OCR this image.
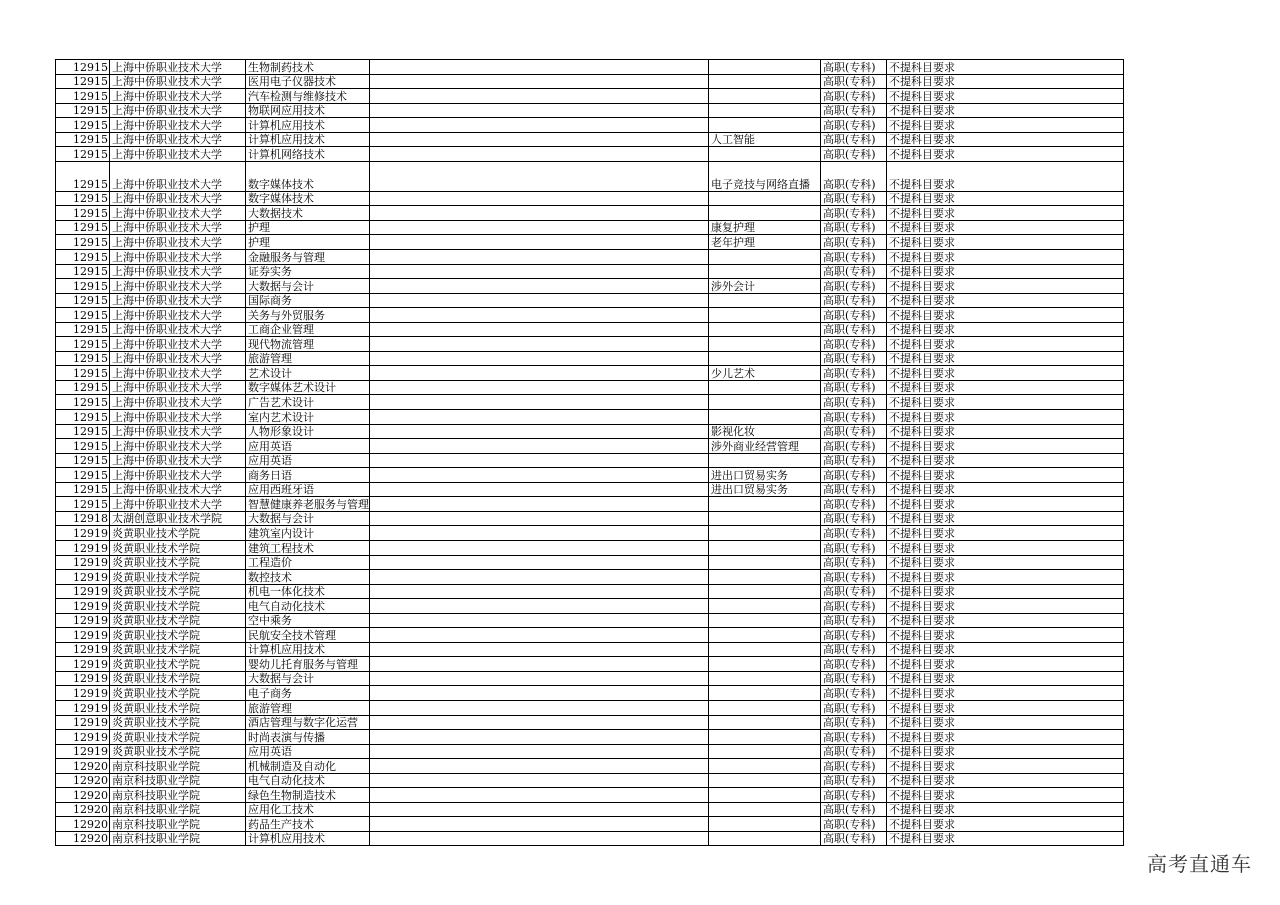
12915	上海中侨职业技术大学	生物制药技术			高职(专科)	不提科目要求
12915	上海中侨职业技术大学	医用电子仪器技术			高职(专科)	不提科目要求
12915	上海中侨职业技术大学	汽车检测与维修技术			高职(专科)	不提科目要求
12915	上海中侨职业技术大学	物联网应用技术			高职(专科)	不提科目要求
12915	上海中侨职业技术大学	计算机应用技术			高职(专科)	不提科目要求
12915	上海中侨职业技术大学	计算机应用技术		人工智能	高职(专科)	不提科目要求
12915	上海中侨职业技术大学	计算机网络技术			高职(专科)	不提科目要求
12915	上海中侨职业技术大学	数字媒体技术		电子竞技与网络直播	高职(专科)	不提科目要求
12915	上海中侨职业技术大学	数字媒体技术			高职(专科)	不提科目要求
12915	上海中侨职业技术大学	大数据技术			高职(专科)	不提科目要求
12915	上海中侨职业技术大学	护理		康复护理	高职(专科)	不提科目要求
12915	上海中侨职业技术大学	护理		老年护理	高职(专科)	不提科目要求
12915	上海中侨职业技术大学	金融服务与管理			高职(专科)	不提科目要求
12915	上海中侨职业技术大学	证券实务			高职(专科)	不提科目要求
12915	上海中侨职业技术大学	大数据与会计		涉外会计	高职(专科)	不提科目要求
12915	上海中侨职业技术大学	国际商务			高职(专科)	不提科目要求
12915	上海中侨职业技术大学	关务与外贸服务			高职(专科)	不提科目要求
12915	上海中侨职业技术大学	工商企业管理			高职(专科)	不提科目要求
12915	上海中侨职业技术大学	现代物流管理			高职(专科)	不提科目要求
12915	上海中侨职业技术大学	旅游管理			高职(专科)	不提科目要求
12915	上海中侨职业技术大学	艺术设计		少儿艺术	高职(专科)	不提科目要求
12915	上海中侨职业技术大学	数字媒体艺术设计			高职(专科)	不提科目要求
12915	上海中侨职业技术大学	广告艺术设计			高职(专科)	不提科目要求
12915	上海中侨职业技术大学	室内艺术设计			高职(专科)	不提科目要求
12915	上海中侨职业技术大学	人物形象设计		影视化妆	高职(专科)	不提科目要求
12915	上海中侨职业技术大学	应用英语		涉外商业经营管理	高职(专科)	不提科目要求
12915	上海中侨职业技术大学	应用英语			高职(专科)	不提科目要求
12915	上海中侨职业技术大学	商务日语		进出口贸易实务	高职(专科)	不提科目要求
12915	上海中侨职业技术大学	应用西班牙语		进出口贸易实务	高职(专科)	不提科目要求
12915	上海中侨职业技术大学	智慧健康养老服务与管理			高职(专科)	不提科目要求
12918	太湖创意职业技术学院	大数据与会计			高职(专科)	不提科目要求
12919	炎黄职业技术学院	建筑室内设计			高职(专科)	不提科目要求
12919	炎黄职业技术学院	建筑工程技术			高职(专科)	不提科目要求
12919	炎黄职业技术学院	工程造价			高职(专科)	不提科目要求
12919	炎黄职业技术学院	数控技术			高职(专科)	不提科目要求
12919	炎黄职业技术学院	机电一体化技术			高职(专科)	不提科目要求
12919	炎黄职业技术学院	电气自动化技术			高职(专科)	不提科目要求
12919	炎黄职业技术学院	空中乘务			高职(专科)	不提科目要求
12919	炎黄职业技术学院	民航安全技术管理			高职(专科)	不提科目要求
12919	炎黄职业技术学院	计算机应用技术			高职(专科)	不提科目要求
12919	炎黄职业技术学院	婴幼儿托育服务与管理			高职(专科)	不提科目要求
12919	炎黄职业技术学院	大数据与会计			高职(专科)	不提科目要求
12919	炎黄职业技术学院	电子商务			高职(专科)	不提科目要求
12919	炎黄职业技术学院	旅游管理			高职(专科)	不提科目要求
12919	炎黄职业技术学院	酒店管理与数字化运营			高职(专科)	不提科目要求
12919	炎黄职业技术学院	时尚表演与传播			高职(专科)	不提科目要求
12919	炎黄职业技术学院	应用英语			高职(专科)	不提科目要求
12920	南京科技职业学院	机械制造及自动化			高职(专科)	不提科目要求
12920	南京科技职业学院	电气自动化技术			高职(专科)	不提科目要求
12920	南京科技职业学院	绿色生物制造技术			高职(专科)	不提科目要求
12920	南京科技职业学院	应用化工技术			高职(专科)	不提科目要求
12920	南京科技职业学院	药品生产技术			高职(专科)	不提科目要求
12920	南京科技职业学院	计算机应用技术			高职(专科)	不提科目要求
高考直通车
